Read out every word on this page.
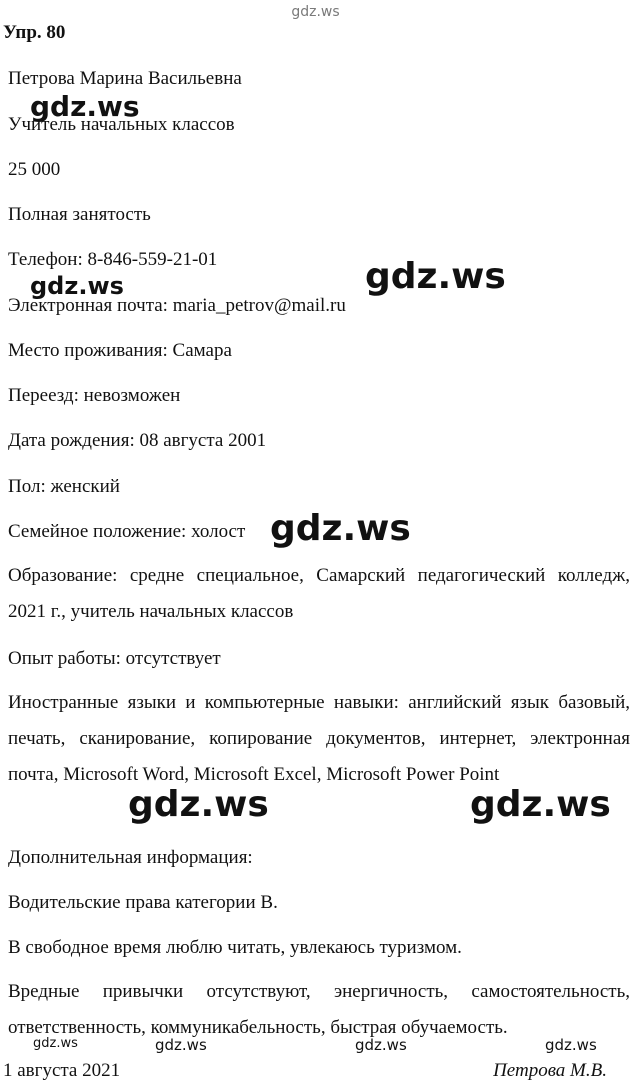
gdz.ws
Упр. 80
Петрова Марина Васильевна
Учитель начальных классов
25 000
Полная занятость
Телефон: 8-846-559-21-01
Электронная почта: maria_petrov@mail.ru
Место проживания: Самара
Переезд: невозможен
Дата рождения: 08 августа 2001
Пол: женский
Семейное положение: холост
Образование: средне специальное, Самарский педагогический колледж, 2021 г., учитель начальных классов
Опыт работы: отсутствует
Иностранные языки и компьютерные навыки: английский язык базовый, печать, сканирование, копирование документов, интернет, электронная почта, Microsoft Word, Microsoft Excel, Microsoft Power Point
Дополнительная информация:
Водительские права категории В.
В свободное время люблю читать, увлекаюсь туризмом.
Вредные привычки отсутствуют, энергичность, самостоятельность, ответственность, коммуникабельность, быстрая обучаемость.
1 августа 2021	Петрова М.В.
gdz.ws
gdz.ws	gdz.ws
gdz.ws
gdz.ws	gdz.ws
gdz.ws	gdz.ws	gdz.ws	gdz.ws
